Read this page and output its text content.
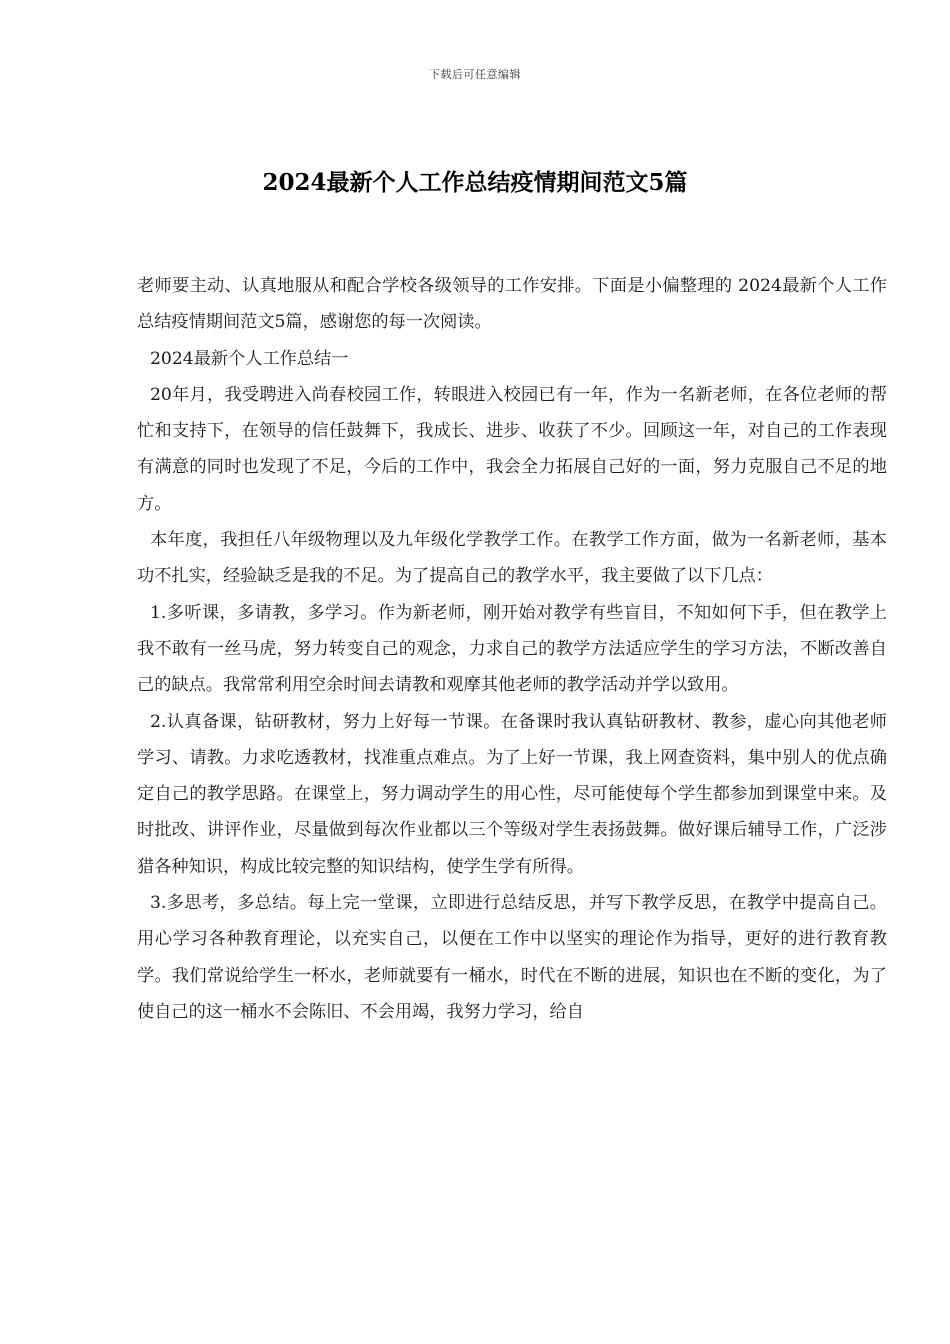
下载后可任意编辑
2024最新个人工作总结疫情期间范文5篇

老师要主动、认真地服从和配合学校各级领导的工作安排。下面是小偏整理的 2024最新个人工作总结疫情期间范文5篇，感谢您的每一次阅读。

2024最新个人工作总结一

20年月，我受聘进入尚春校园工作，转眼进入校园已有一年，作为一名新老师，在各位老师的帮忙和支持下，在领导的信任鼓舞下，我成长、进步、收获了不少。回顾这一年，对自己的工作表现有满意的同时也发现了不足，今后的工作中，我会全力拓展自己好的一面，努力克服自己不足的地方。

本年度，我担任八年级物理以及九年级化学教学工作。在教学工作方面，做为一名新老师，基本功不扎实，经验缺乏是我的不足。为了提高自己的教学水平，我主要做了以下几点：

1.多听课，多请教，多学习。作为新老师，刚开始对教学有些盲目，不知如何下手，但在教学上我不敢有一丝马虎，努力转变自己的观念，力求自己的教学方法适应学生的学习方法，不断改善自己的缺点。我常常利用空余时间去请教和观摩其他老师的教学活动并学以致用。

2.认真备课，钻研教材，努力上好每一节课。在备课时我认真钻研教材、教参，虚心向其他老师学习、请教。力求吃透教材，找准重点难点。为了上好一节课，我上网查资料，集中别人的优点确定自己的教学思路。在课堂上，努力调动学生的用心性，尽可能使每个学生都参加到课堂中来。及时批改、讲评作业，尽量做到每次作业都以三个等级对学生表扬鼓舞。做好课后辅导工作，广泛涉猎各种知识，构成比较完整的知识结构，使学生学有所得。

3.多思考，多总结。每上完一堂课，立即进行总结反思，并写下教学反思，在教学中提高自己。用心学习各种教育理论，以充实自己，以便在工作中以坚实的理论作为指导，更好的进行教育教学。我们常说给学生一杯水，老师就要有一桶水，时代在不断的进展，知识也在不断的变化，为了使自己的这一桶水不会陈旧、不会用竭，我努力学习，给自
